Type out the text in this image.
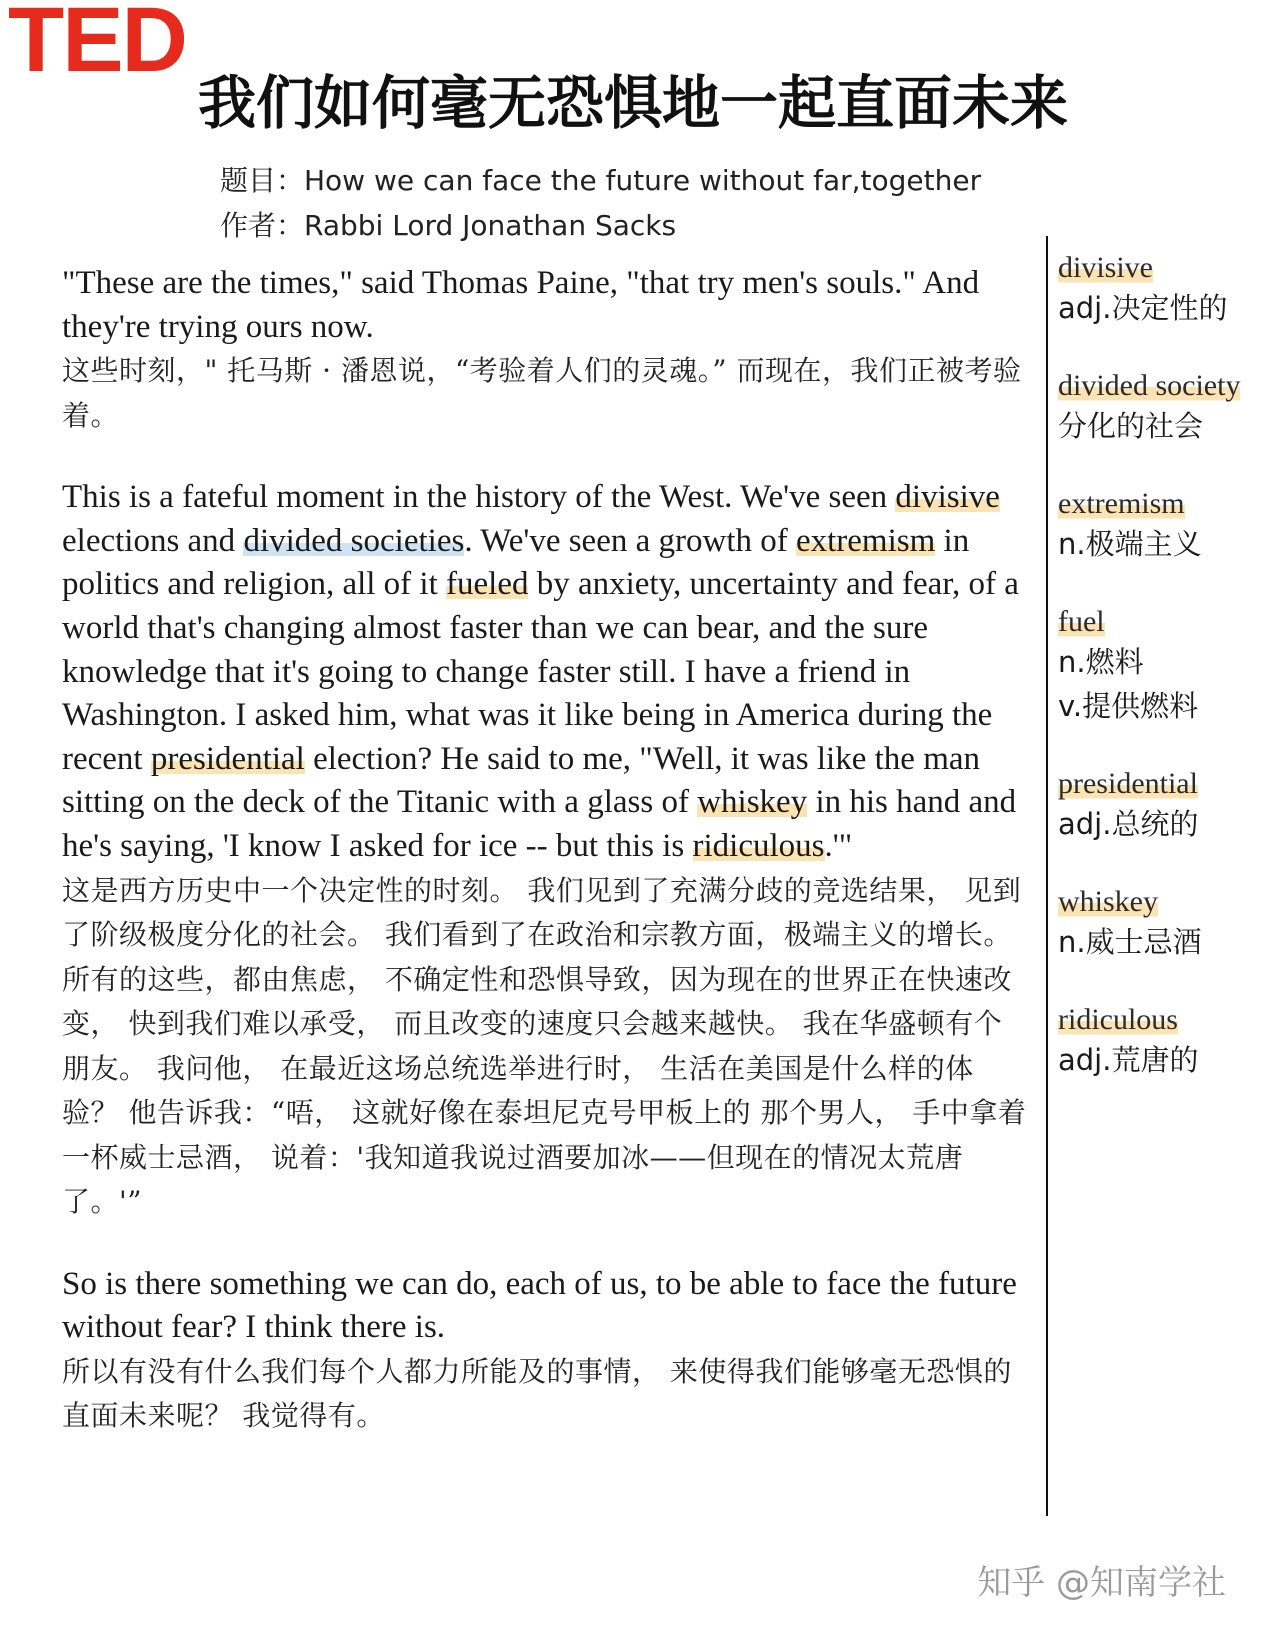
TED
我们如何毫无恐惧地一起直面未来
题目：How we can face the future without far,together
作者：Rabbi Lord Jonathan Sacks
"These are the times," said Thomas Paine, "that try men's souls." And they're trying ours now.
这些时刻，" 托马斯 · 潘恩说，“考验着人们的灵魂。” 而现在，我们正被考验着。
This is a fateful moment in the history of the West. We've seen divisive elections and divided societies. We've seen a growth of extremism in politics and religion, all of it fueled by anxiety, uncertainty and fear, of a world that's changing almost faster than we can bear, and the sure knowledge that it's going to change faster still. I have a friend in Washington. I asked him, what was it like being in America during the recent presidential election? He said to me, "Well, it was like the man sitting on the deck of the Titanic with a glass of whiskey in his hand and he's saying, 'I know I asked for ice -- but this is ridiculous.'"
这是西方历史中一个决定性的时刻。 我们见到了充满分歧的竞选结果， 见到了阶级极度分化的社会。 我们看到了在政治和宗教方面，极端主义的增长。 所有的这些，都由焦虑， 不确定性和恐惧导致，因为现在的世界正在快速改变， 快到我们难以承受， 而且改变的速度只会越来越快。 我在华盛顿有个朋友。 我问他， 在最近这场总统选举进行时， 生活在美国是什么样的体验？ 他告诉我：“唔， 这就好像在泰坦尼克号甲板上的 那个男人， 手中拿着一杯威士忌酒， 说着：'我知道我说过酒要加冰——但现在的情况太荒唐了。'”
So is there something we can do, each of us, to be able to face the future without fear? I think there is.
所以有没有什么我们每个人都力所能及的事情， 来使得我们能够毫无恐惧的直面未来呢？ 我觉得有。
divisive
adj.决定性的
divided society
分化的社会
extremism
n.极端主义
fuel
n.燃料
v.提供燃料
presidential
adj.总统的
whiskey
n.威士忌酒
ridiculous
adj.荒唐的
知乎 @知南学社
